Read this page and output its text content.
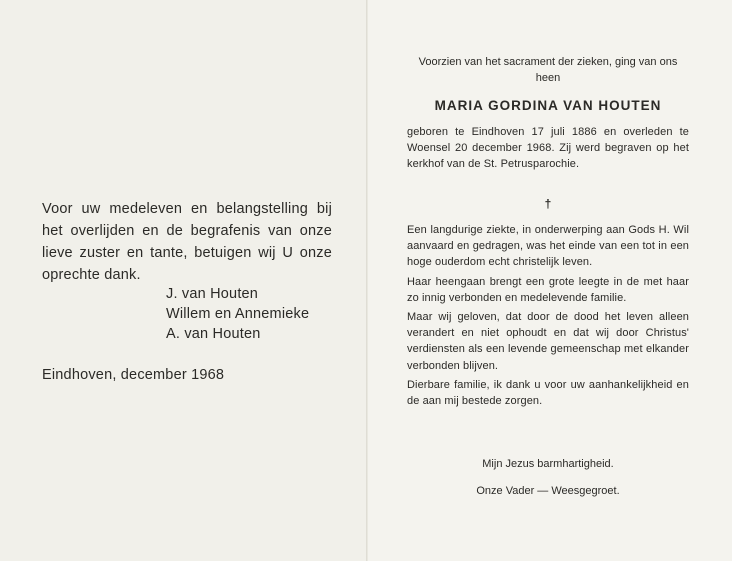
Voor uw medeleven en belangstelling bij het overlijden en de begrafenis van onze lieve zuster en tante, betuigen wij U onze oprechte dank.

J. van Houten
Willem en Annemieke
A. van Houten
Eindhoven, december 1968
Voorzien van het sacrament der zieken, ging van ons heen
MARIA GORDINA VAN HOUTEN

geboren te Eindhoven 17 juli 1886 en overleden te Woensel 20 december 1968. Zij werd begraven op het kerkhof van de St. Petrusparochie.

†

Een langdurige ziekte, in onderwerping aan Gods H. Wil aanvaard en gedragen, was het einde van een tot in een hoge ouderdom echt christelijk leven.

Haar heengaan brengt een grote leegte in de met haar zo innig verbonden en medelevende familie.

Maar wij geloven, dat door de dood het leven alleen verandert en niet ophoudt en dat wij door Christus' verdiensten als een levende gemeenschap met elkander verbonden blijven.

Dierbare familie, ik dank u voor uw aanhankelijkheid en de aan mij bestede zorgen.

Mijn Jezus barmhartigheid.
Onze Vader — Weesgegroet.
